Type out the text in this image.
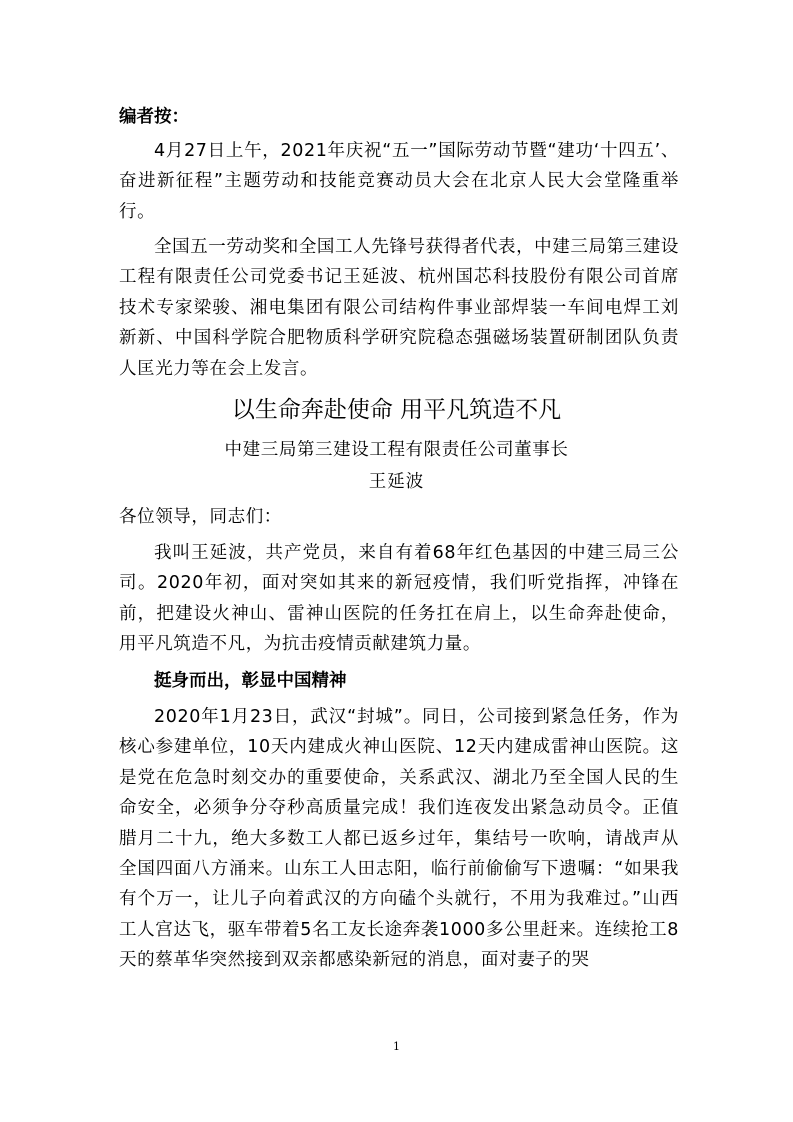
编者按：

4月27日上午，2021年庆祝“五一”国际劳动节暨“建功‘十四五’、奋进新征程”主题劳动和技能竞赛动员大会在北京人民大会堂隆重举行。

全国五一劳动奖和全国工人先锋号获得者代表，中建三局第三建设工程有限责任公司党委书记王延波、杭州国芯科技股份有限公司首席技术专家梁骏、湘电集团有限公司结构件事业部焊装一车间电焊工刘新新、中国科学院合肥物质科学研究院稳态强磁场装置研制团队负责人匡光力等在会上发言。

以生命奔赴使命 用平凡筑造不凡

中建三局第三建设工程有限责任公司董事长

王延波

各位领导，同志们：

我叫王延波，共产党员，来自有着68年红色基因的中建三局三公司。2020年初，面对突如其来的新冠疫情，我们听党指挥，冲锋在前，把建设火神山、雷神山医院的任务扛在肩上，以生命奔赴使命，用平凡筑造不凡，为抗击疫情贡献建筑力量。

挺身而出，彰显中国精神

2020年1月23日，武汉“封城”。同日，公司接到紧急任务，作为核心参建单位，10天内建成火神山医院、12天内建成雷神山医院。这是党在危急时刻交办的重要使命，关系武汉、湖北乃至全国人民的生命安全，必须争分夺秒高质量完成！我们连夜发出紧急动员令。正值腊月二十九，绝大多数工人都已返乡过年，集结号一吹响，请战声从全国四面八方涌来。山东工人田志阳，临行前偷偷写下遗嘱：“如果我有个万一，让儿子向着武汉的方向磕个头就行，不用为我难过。”山西工人宫达飞，驱车带着5名工友长途奔袭1000多公里赶来。连续抢工8天的蔡革华突然接到双亲都感染新冠的消息，面对妻子的哭

1
